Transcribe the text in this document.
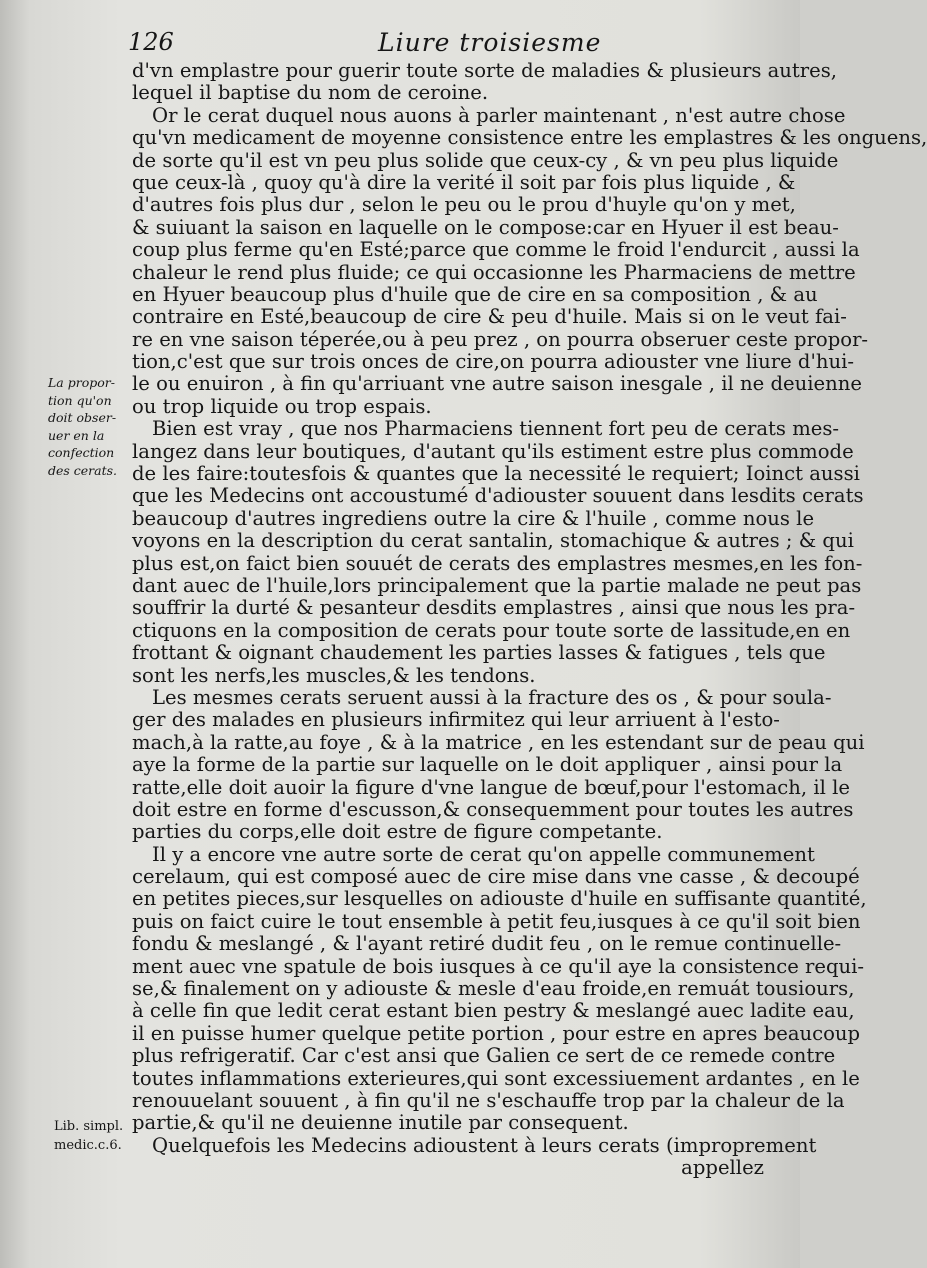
126	Liure troisiesme
La propor-
tion qu'on
doit obser-
uer en la
confection
des cerats.
Lib. simpl.
medic.c.6.
d'vn emplastre pour guerir toute sorte de maladies & plusieurs autres,
lequel il baptise du nom de ceroine.
Or le cerat duquel nous auons à parler maintenant , n'est autre chose
qu'vn medicament de moyenne consistence entre les emplastres & les onguens,
de sorte qu'il est vn peu plus solide que ceux-cy , & vn peu plus liquide
que ceux-là , quoy qu'à dire la verité il soit par fois plus liquide , &
d'autres fois plus dur , selon le peu ou le prou d'huyle qu'on y met,
& suiuant la saison en laquelle on le compose:car en Hyuer il est beau-
coup plus ferme qu'en Esté;parce que comme le froid l'endurcit , aussi la
chaleur le rend plus fluide; ce qui occasionne les Pharmaciens de mettre
en Hyuer beaucoup plus d'huile que de cire en sa composition , & au
contraire en Esté,beaucoup de cire & peu d'huile. Mais si on le veut fai-
re en vne saison téperée,ou à peu prez , on pourra obseruer ceste propor-
tion,c'est que sur trois onces de cire,on pourra adiouster vne liure d'hui-
le ou enuiron , à fin qu'arriuant vne autre saison inesgale , il ne deuienne
ou trop liquide ou trop espais.
Bien est vray , que nos Pharmaciens tiennent fort peu de cerats mes-
langez dans leur boutiques, d'autant qu'ils estiment estre plus commode
de les faire:toutesfois & quantes que la necessité le requiert; Ioinct aussi
que les Medecins ont accoustumé d'adiouster souuent dans lesdits cerats
beaucoup d'autres ingrediens outre la cire & l'huile , comme nous le
voyons en la description du cerat santalin, stomachique & autres ; & qui
plus est,on faict bien souuét de cerats des emplastres mesmes,en les fon-
dant auec de l'huile,lors principalement que la partie malade ne peut pas
souffrir la durté & pesanteur desdits emplastres , ainsi que nous les pra-
ctiquons en la composition de cerats pour toute sorte de lassitude,en en
frottant & oignant chaudement les parties lasses & fatigues , tels que
sont les nerfs,les muscles,& les tendons.
Les mesmes cerats seruent aussi à la fracture des os , & pour soula-
ger des malades en plusieurs infirmitez qui leur arriuent à l'esto-
mach,à la ratte,au foye , & à la matrice , en les estendant sur de peau qui
aye la forme de la partie sur laquelle on le doit appliquer , ainsi pour la
ratte,elle doit auoir la figure d'vne langue de bœuf,pour l'estomach, il le
doit estre en forme d'escusson,& consequemment pour toutes les autres
parties du corps,elle doit estre de figure competante.
Il y a encore vne autre sorte de cerat qu'on appelle communement
cerelaum, qui est composé auec de cire mise dans vne casse , & decoupé
en petites pieces,sur lesquelles on adiouste d'huile en suffisante quantité,
puis on faict cuire le tout ensemble à petit feu,iusques à ce qu'il soit bien
fondu & meslangé , & l'ayant retiré dudit feu , on le remue continuelle-
ment auec vne spatule de bois iusques à ce qu'il aye la consistence requi-
se,& finalement on y adiouste & mesle d'eau froide,en remuát tousiours,
à celle fin que ledit cerat estant bien pestry & meslangé auec ladite eau,
il en puisse humer quelque petite portion , pour estre en apres beaucoup
plus refrigeratif. Car c'est ansi que Galien ce sert de ce remede contre
toutes inflammations exterieures,qui sont excessiuement ardantes , en le
renouuelant souuent , à fin qu'il ne s'eschauffe trop par la chaleur de la
partie,& qu'il ne deuienne inutile par consequent.
Quelquefois les Medecins adioustent à leurs cerats (improprement
appellez
